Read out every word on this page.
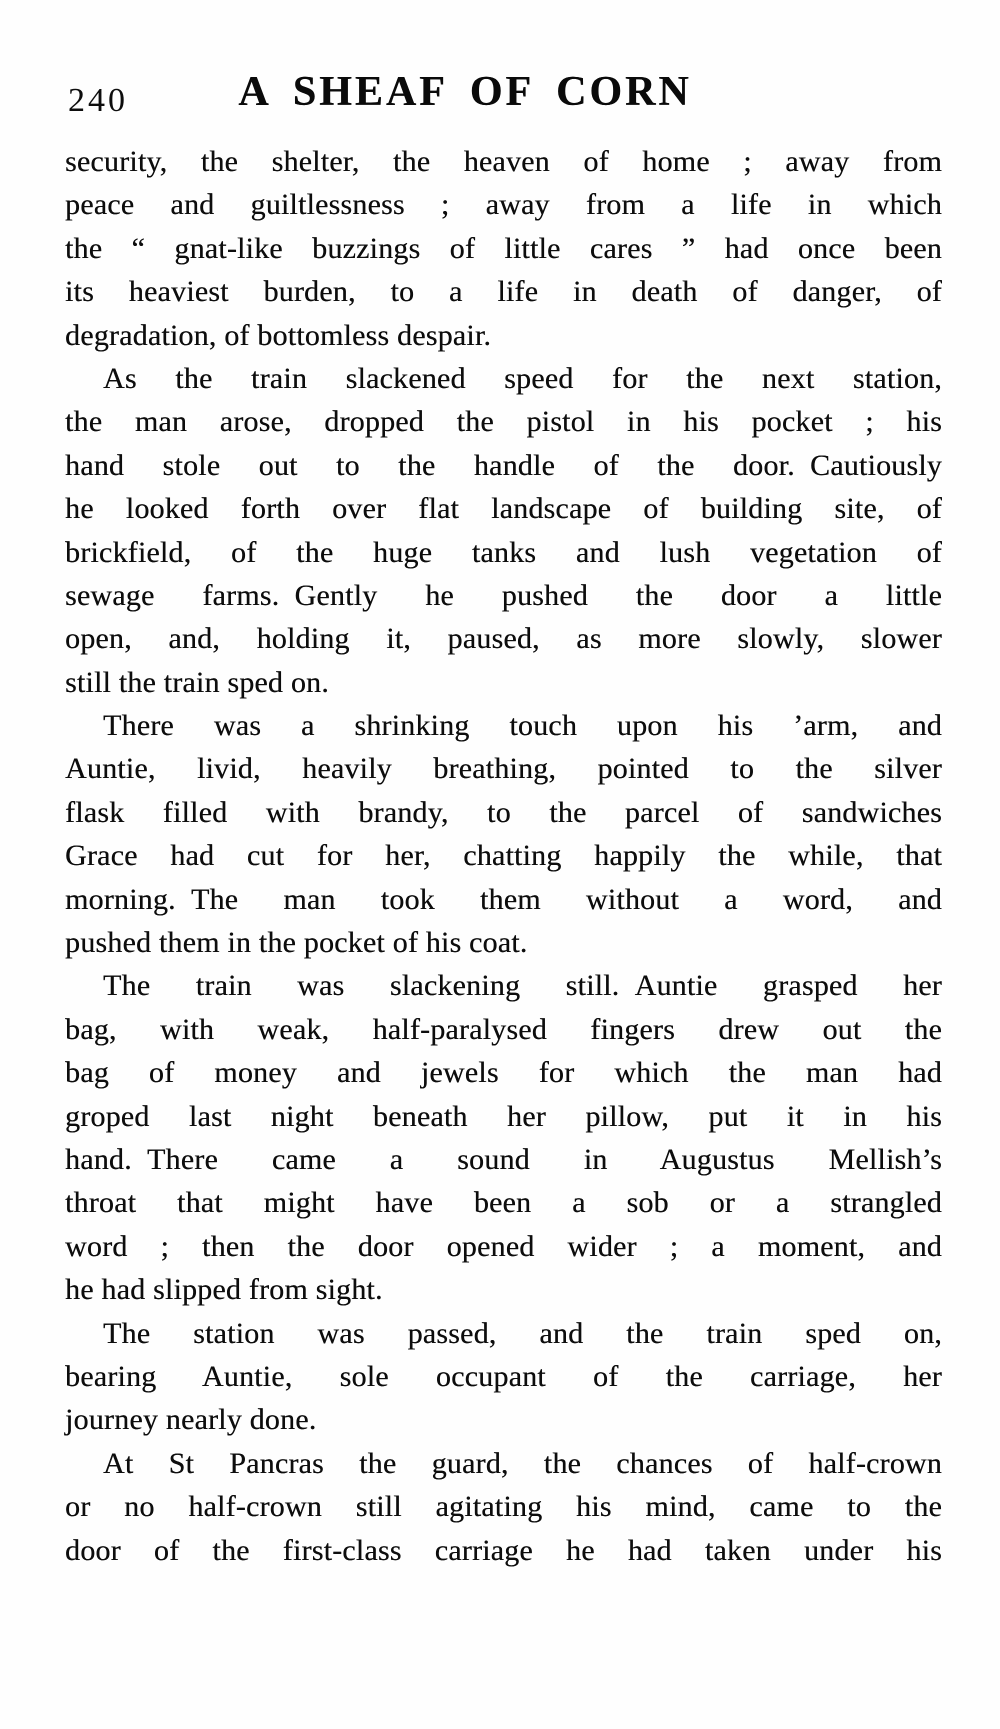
240	A SHEAF OF CORN
security, the shelter, the heaven of home ; away from
peace and guiltlessness ; away from a life in which
the “ gnat-like buzzings of little cares ” had once been
its heaviest burden, to a life in death of danger, of
degradation, of bottomless despair.
As the train slackened speed for the next station,
the man arose, dropped the pistol in his pocket ; his
hand stole out to the handle of the door. Cautiously
he looked forth over flat landscape of building site, of
brickfield, of the huge tanks and lush vegetation of
sewage farms. Gently he pushed the door a little
open, and, holding it, paused, as more slowly, slower
still the train sped on.
There was a shrinking touch upon his ’arm, and
Auntie, livid, heavily breathing, pointed to the silver
flask filled with brandy, to the parcel of sandwiches
Grace had cut for her, chatting happily the while, that
morning. The man took them without a word, and
pushed them in the pocket of his coat.
The train was slackening still. Auntie grasped her
bag, with weak, half-paralysed fingers drew out the
bag of money and jewels for which the man had
groped last night beneath her pillow, put it in his
hand. There came a sound in Augustus Mellish’s
throat that might have been a sob or a strangled
word ; then the door opened wider ; a moment, and
he had slipped from sight.
The station was passed, and the train sped on,
bearing Auntie, sole occupant of the carriage, her
journey nearly done.
At St Pancras the guard, the chances of half-crown
or no half-crown still agitating his mind, came to the
door of the first-class carriage he had taken under his
